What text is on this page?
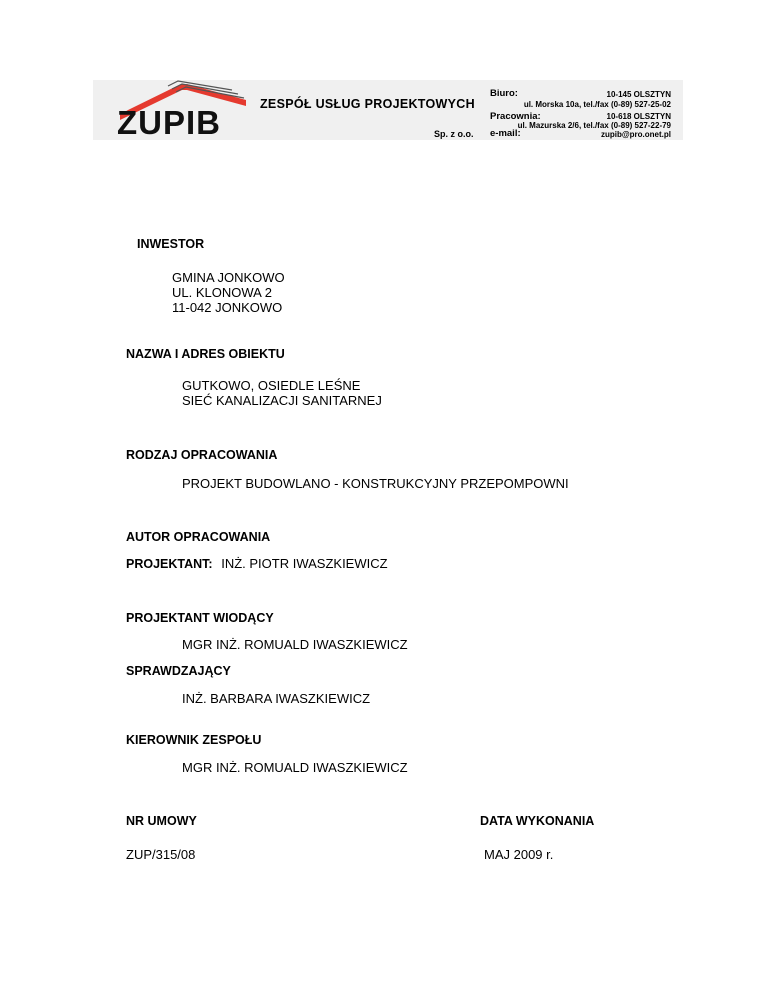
ZUPIB	ZESPÓŁ USŁUG PROJEKTOWYCH
Sp. z o.o.
Biuro:	10-145 OLSZTYN
ul. Morska 10a, tel./fax (0-89) 527-25-02
Pracownia:	10-618 OLSZTYN
ul. Mazurska 2/6, tel./fax (0-89) 527-22-79
e-mail:	zupib@pro.onet.pl
INWESTOR
GMINA JONKOWO
UL. KLONOWA 2
11-042 JONKOWO
NAZWA I ADRES OBIEKTU
GUTKOWO, OSIEDLE LEŚNE
SIEĆ KANALIZACJI SANITARNEJ
RODZAJ OPRACOWANIA
PROJEKT BUDOWLANO - KONSTRUKCYJNY PRZEPOMPOWNI
AUTOR OPRACOWANIA
PROJEKTANT: INŻ. PIOTR IWASZKIEWICZ
PROJEKTANT WIODĄCY
MGR INŻ. ROMUALD IWASZKIEWICZ
SPRAWDZAJĄCY
INŻ. BARBARA IWASZKIEWICZ
KIEROWNIK ZESPOŁU
MGR INŻ. ROMUALD IWASZKIEWICZ
NR UMOWY
ZUP/315/08
DATA WYKONANIA
MAJ 2009 r.
